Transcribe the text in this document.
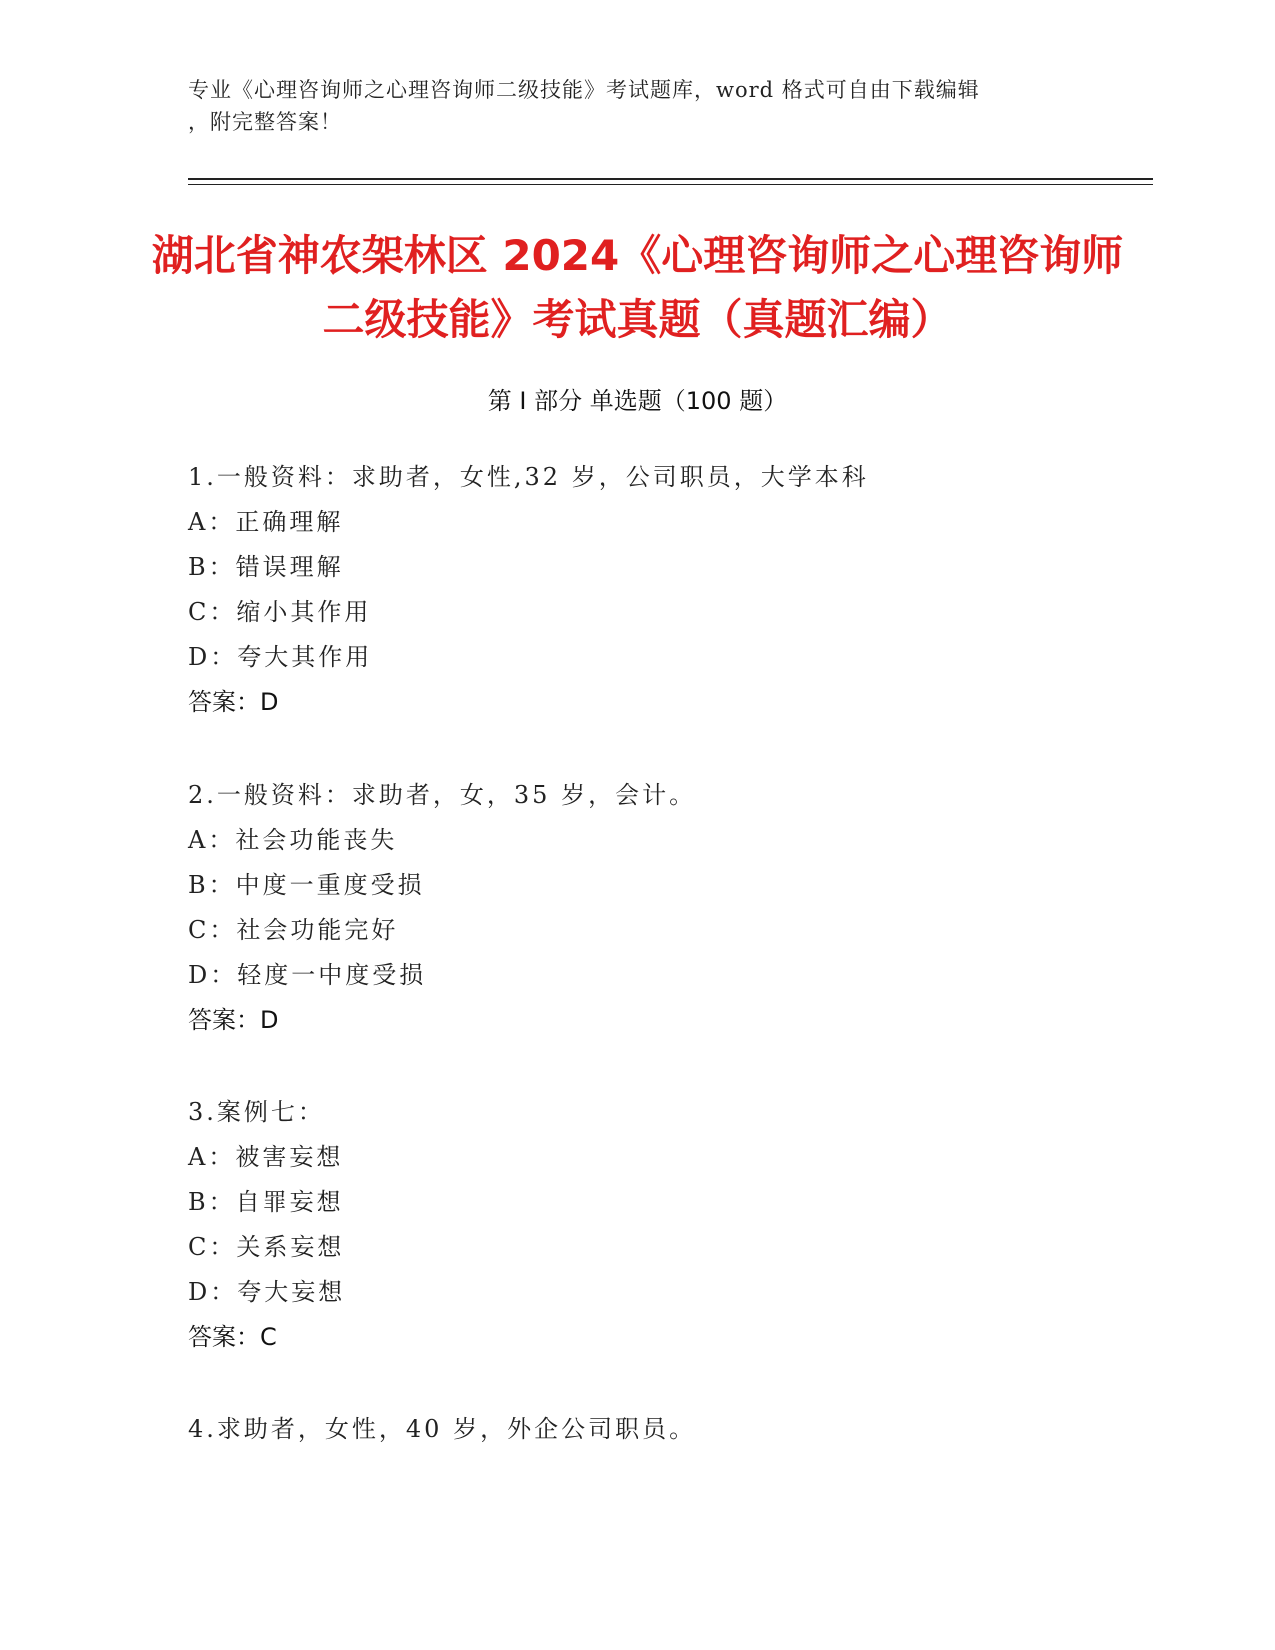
专业《心理咨询师之心理咨询师二级技能》考试题库，word 格式可自由下载编辑
，附完整答案！
湖北省神农架林区 2024《心理咨询师之心理咨询师二级技能》考试真题（真题汇编）
第 I 部分 单选题（100 题）
1.一般资料：求助者，女性,32 岁，公司职员，大学本科
A：正确理解
B：错误理解
C：缩小其作用
D：夸大其作用
答案：D
2.一般资料：求助者，女，35 岁，会计。
A：社会功能丧失
B：中度一重度受损
C：社会功能完好
D：轻度一中度受损
答案：D
3.案例七：
A：被害妄想
B：自罪妄想
C：关系妄想
D：夸大妄想
答案：C
4.求助者，女性，40 岁，外企公司职员。
